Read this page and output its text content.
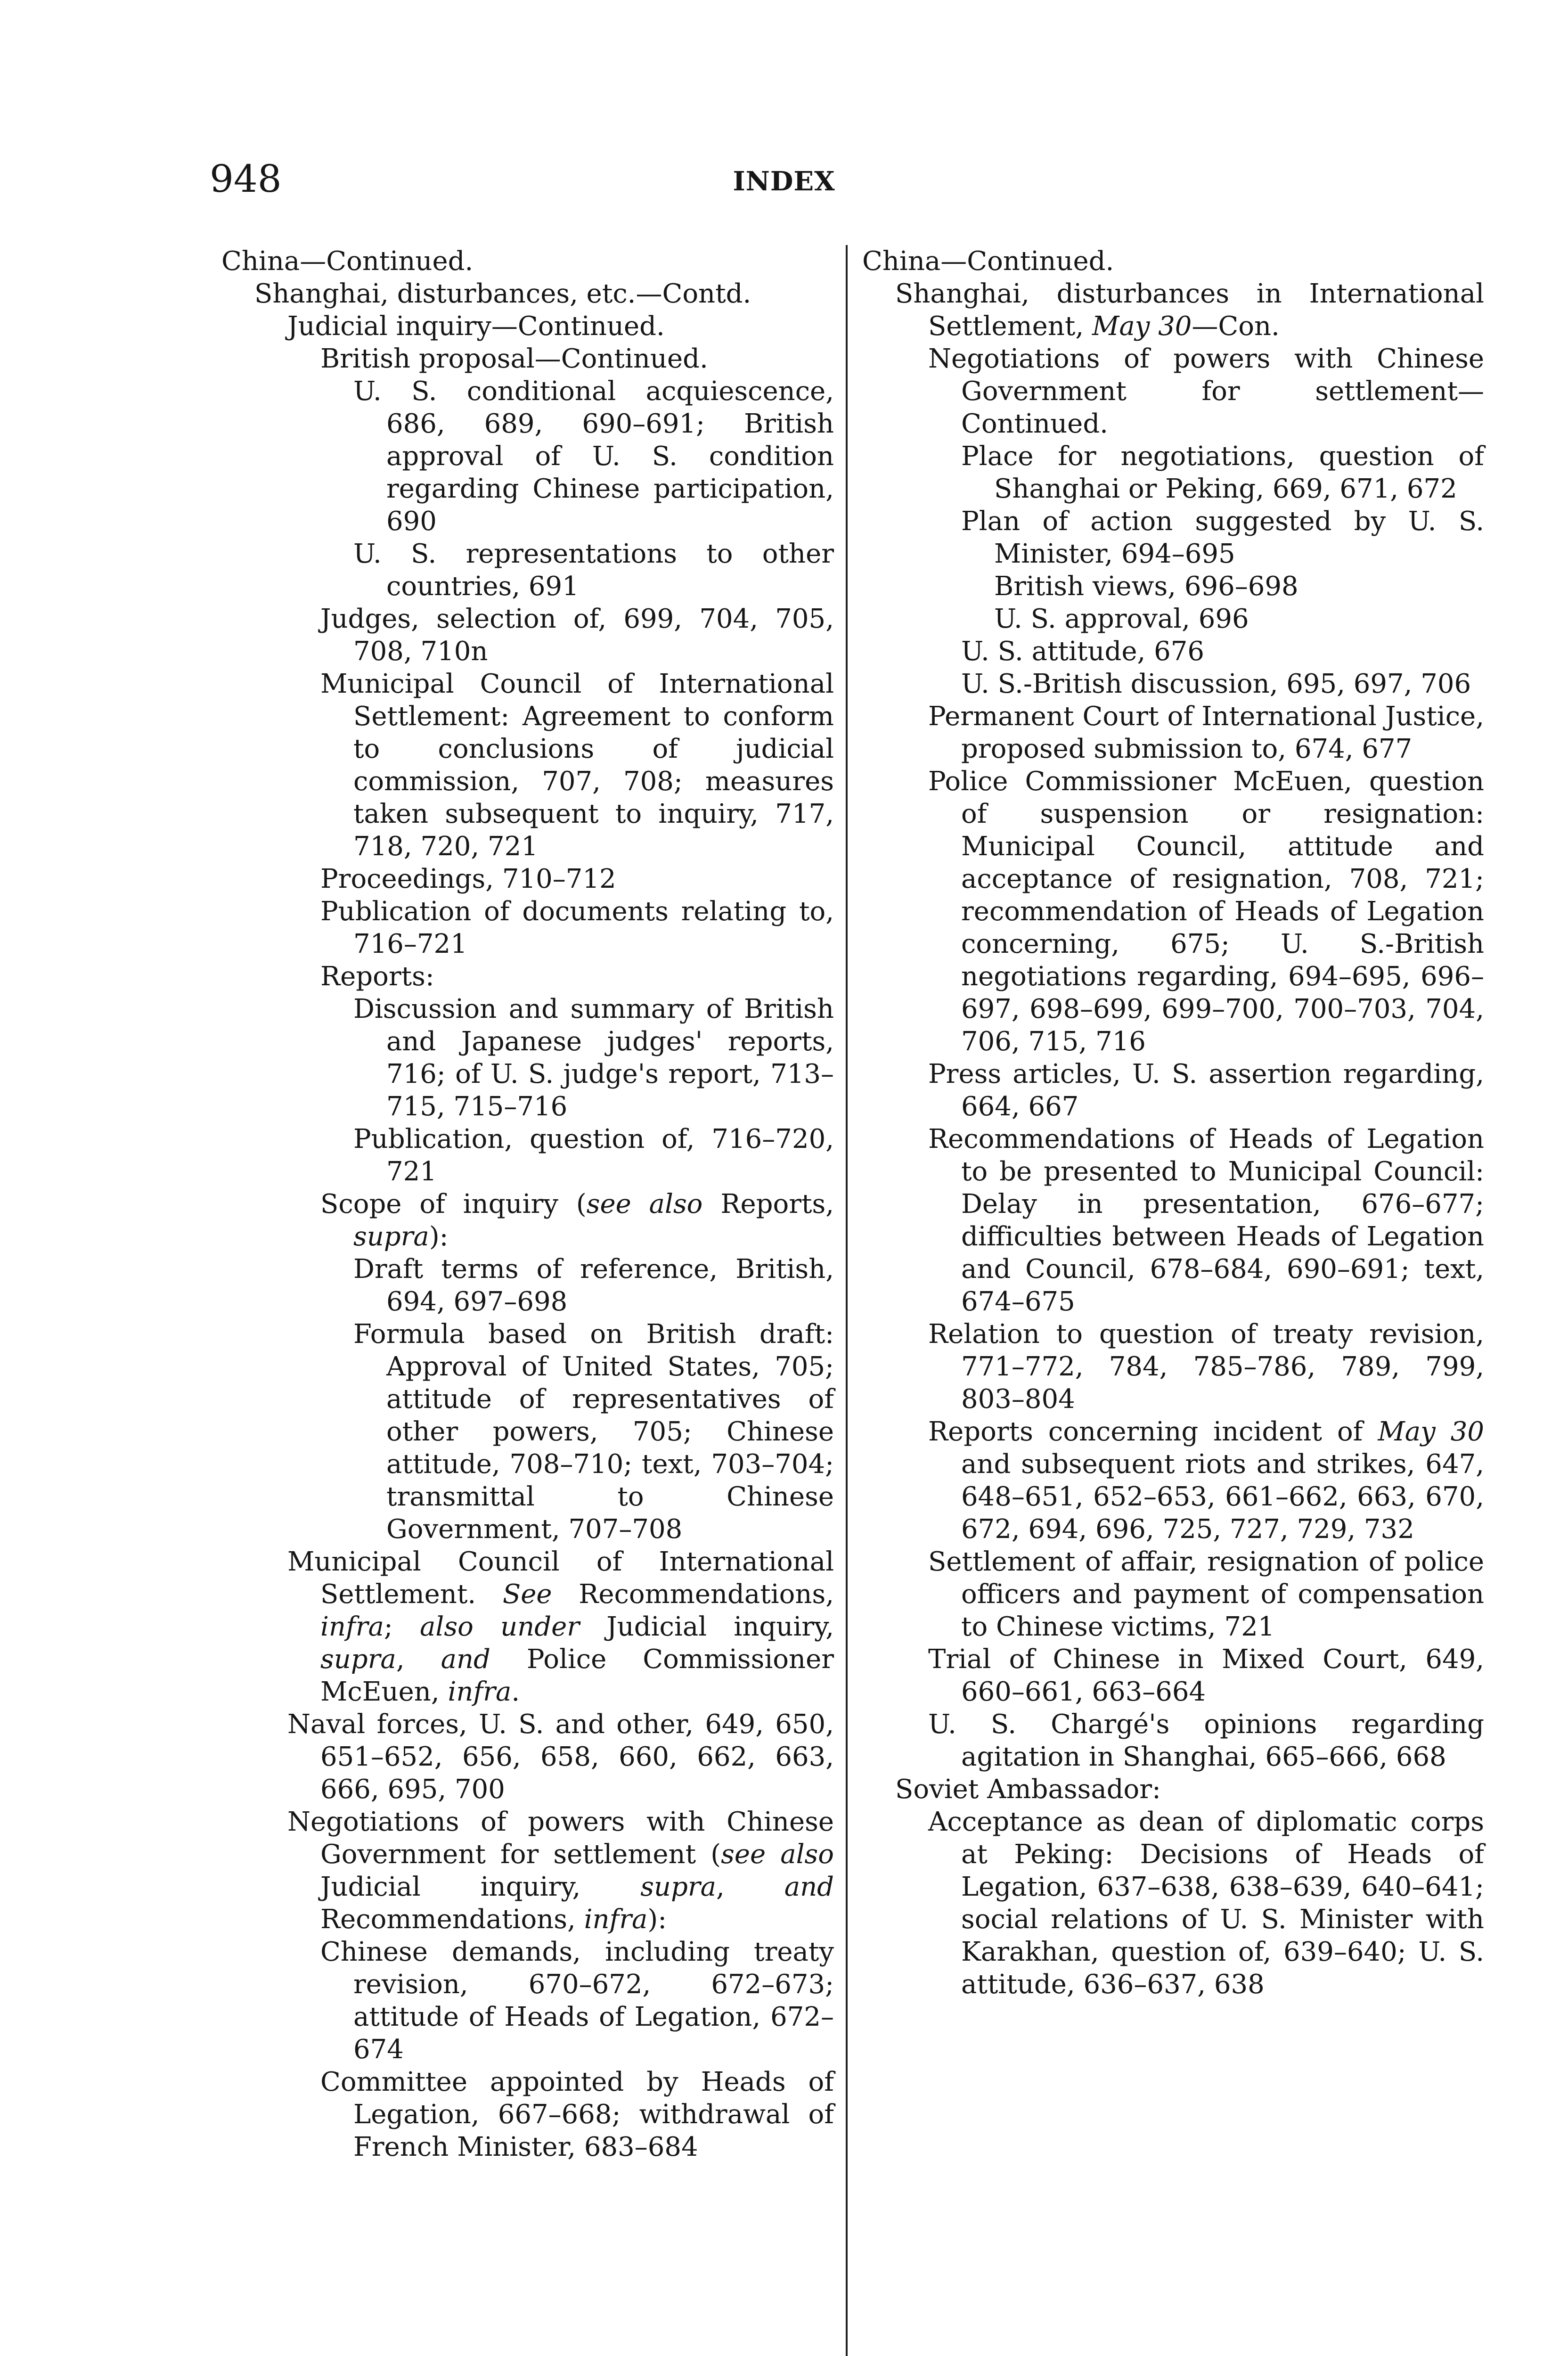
948	INDEX
China—Continued.
Shanghai, disturbances, etc.—Contd.
Judicial inquiry—Continued.
British proposal—Continued.
U. S. conditional acquiescence, 686, 689, 690–691; British approval of U. S. condition regarding Chinese participation, 690
U. S. representations to other countries, 691
Judges, selection of, 699, 704, 705, 708, 710n
Municipal Council of International Settlement: Agreement to conform to conclusions of judicial commission, 707, 708; measures taken subsequent to inquiry, 717, 718, 720, 721
Proceedings, 710–712
Publication of documents relating to, 716–721
Reports:
Discussion and summary of British and Japanese judges' reports, 716; of U. S. judge's report, 713–715, 715–716
Publication, question of, 716–720, 721
Scope of inquiry (see also Reports, supra):
Draft terms of reference, British, 694, 697–698
Formula based on British draft: Approval of United States, 705; attitude of representatives of other powers, 705; Chinese attitude, 708–710; text, 703–704; transmittal to Chinese Government, 707–708
Municipal Council of International Settlement. See Recommendations, infra; also under Judicial inquiry, supra, and Police Commissioner McEuen, infra.
Naval forces, U. S. and other, 649, 650, 651–652, 656, 658, 660, 662, 663, 666, 695, 700
Negotiations of powers with Chinese Government for settlement (see also Judicial inquiry, supra, and Recommendations, infra):
Chinese demands, including treaty revision, 670–672, 672–673; attitude of Heads of Legation, 672–674
Committee appointed by Heads of Legation, 667–668; withdrawal of French Minister, 683–684
China—Continued.
Shanghai, disturbances in International Settlement, May 30—Con.
Negotiations of powers with Chinese Government for settlement—Continued.
Place for negotiations, question of Shanghai or Peking, 669, 671, 672
Plan of action suggested by U. S. Minister, 694–695
British views, 696–698
U. S. approval, 696
U. S. attitude, 676
U. S.-British discussion, 695, 697, 706
Permanent Court of International Justice, proposed submission to, 674, 677
Police Commissioner McEuen, question of suspension or resignation: Municipal Council, attitude and acceptance of resignation, 708, 721; recommendation of Heads of Legation concerning, 675; U. S.-British negotiations regarding, 694–695, 696–697, 698–699, 699–700, 700–703, 704, 706, 715, 716
Press articles, U. S. assertion regarding, 664, 667
Recommendations of Heads of Legation to be presented to Municipal Council: Delay in presentation, 676–677; difficulties between Heads of Legation and Council, 678–684, 690–691; text, 674–675
Relation to question of treaty revision, 771–772, 784, 785–786, 789, 799, 803–804
Reports concerning incident of May 30 and subsequent riots and strikes, 647, 648–651, 652–653, 661–662, 663, 670, 672, 694, 696, 725, 727, 729, 732
Settlement of affair, resignation of police officers and payment of compensation to Chinese victims, 721
Trial of Chinese in Mixed Court, 649, 660–661, 663–664
U. S. Chargé's opinions regarding agitation in Shanghai, 665–666, 668
Soviet Ambassador:
Acceptance as dean of diplomatic corps at Peking: Decisions of Heads of Legation, 637–638, 638–639, 640–641; social relations of U. S. Minister with Karakhan, question of, 639–640; U. S. attitude, 636–637, 638
